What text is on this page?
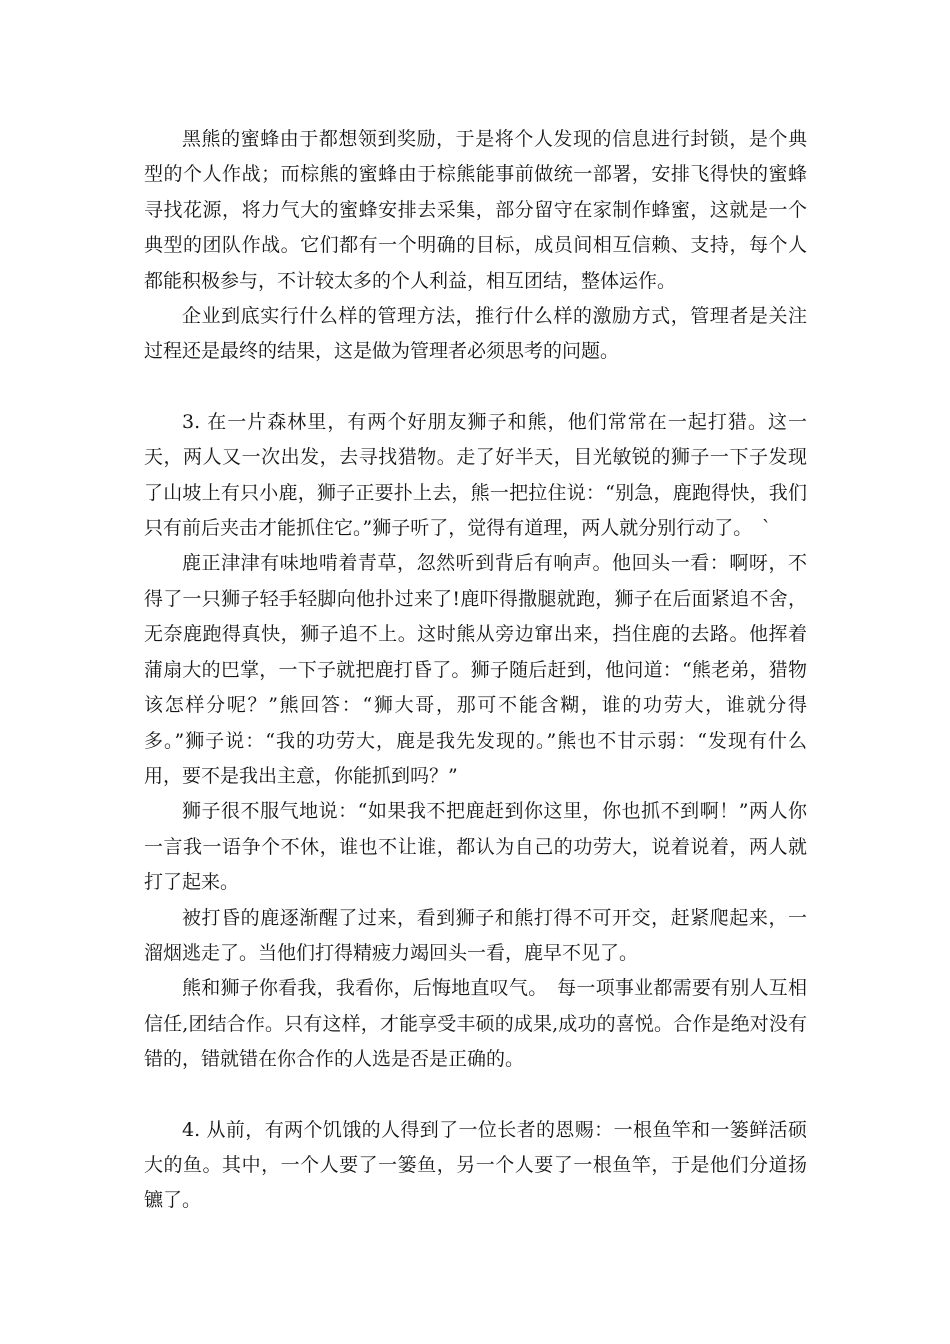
黑熊的蜜蜂由于都想领到奖励，于是将个人发现的信息进行封锁，是个典型的个人作战；而棕熊的蜜蜂由于棕熊能事前做统一部署，安排飞得快的蜜蜂寻找花源，将力气大的蜜蜂安排去采集，部分留守在家制作蜂蜜，这就是一个典型的团队作战。它们都有一个明确的目标，成员间相互信赖、支持，每个人都能积极参与，不计较太多的个人利益，相互团结，整体运作。

企业到底实行什么样的管理方法，推行什么样的激励方式，管理者是关注过程还是最终的结果，这是做为管理者必须思考的问题。

3. 在一片森林里，有两个好朋友狮子和熊，他们常常在一起打猎。这一天，两人又一次出发，去寻找猎物。走了好半天，目光敏锐的狮子一下子发现了山坡上有只小鹿，狮子正要扑上去，熊一把拉住说：“别急，鹿跑得快，我们只有前后夹击才能抓住它。”狮子听了，觉得有道理，两人就分别行动了。　`

鹿正津津有味地啃着青草，忽然听到背后有响声。他回头一看：啊呀，不得了一只狮子轻手轻脚向他扑过来了!鹿吓得撒腿就跑，狮子在后面紧追不舍，无奈鹿跑得真快，狮子追不上。这时熊从旁边窜出来，挡住鹿的去路。他挥着蒲扇大的巴掌，一下子就把鹿打昏了。狮子随后赶到，他问道：“熊老弟，猎物该怎样分呢？”熊回答：“狮大哥，那可不能含糊，谁的功劳大，谁就分得多。”狮子说：“我的功劳大，鹿是我先发现的。”熊也不甘示弱：“发现有什么用，要不是我出主意，你能抓到吗？”

狮子很不服气地说：“如果我不把鹿赶到你这里，你也抓不到啊！”两人你一言我一语争个不休，谁也不让谁，都认为自己的功劳大，说着说着，两人就打了起来。

被打昏的鹿逐渐醒了过来，看到狮子和熊打得不可开交，赶紧爬起来，一溜烟逃走了。当他们打得精疲力竭回头一看，鹿早不见了。

熊和狮子你看我，我看你，后悔地直叹气。　每一项事业都需要有别人互相信任,团结合作。只有这样，才能享受丰硕的成果,成功的喜悦。合作是绝对没有错的，错就错在你合作的人选是否是正确的。

4. 从前，有两个饥饿的人得到了一位长者的恩赐：一根鱼竿和一篓鲜活硕大的鱼。其中，一个人要了一篓鱼，另一个人要了一根鱼竿，于是他们分道扬镳了。
